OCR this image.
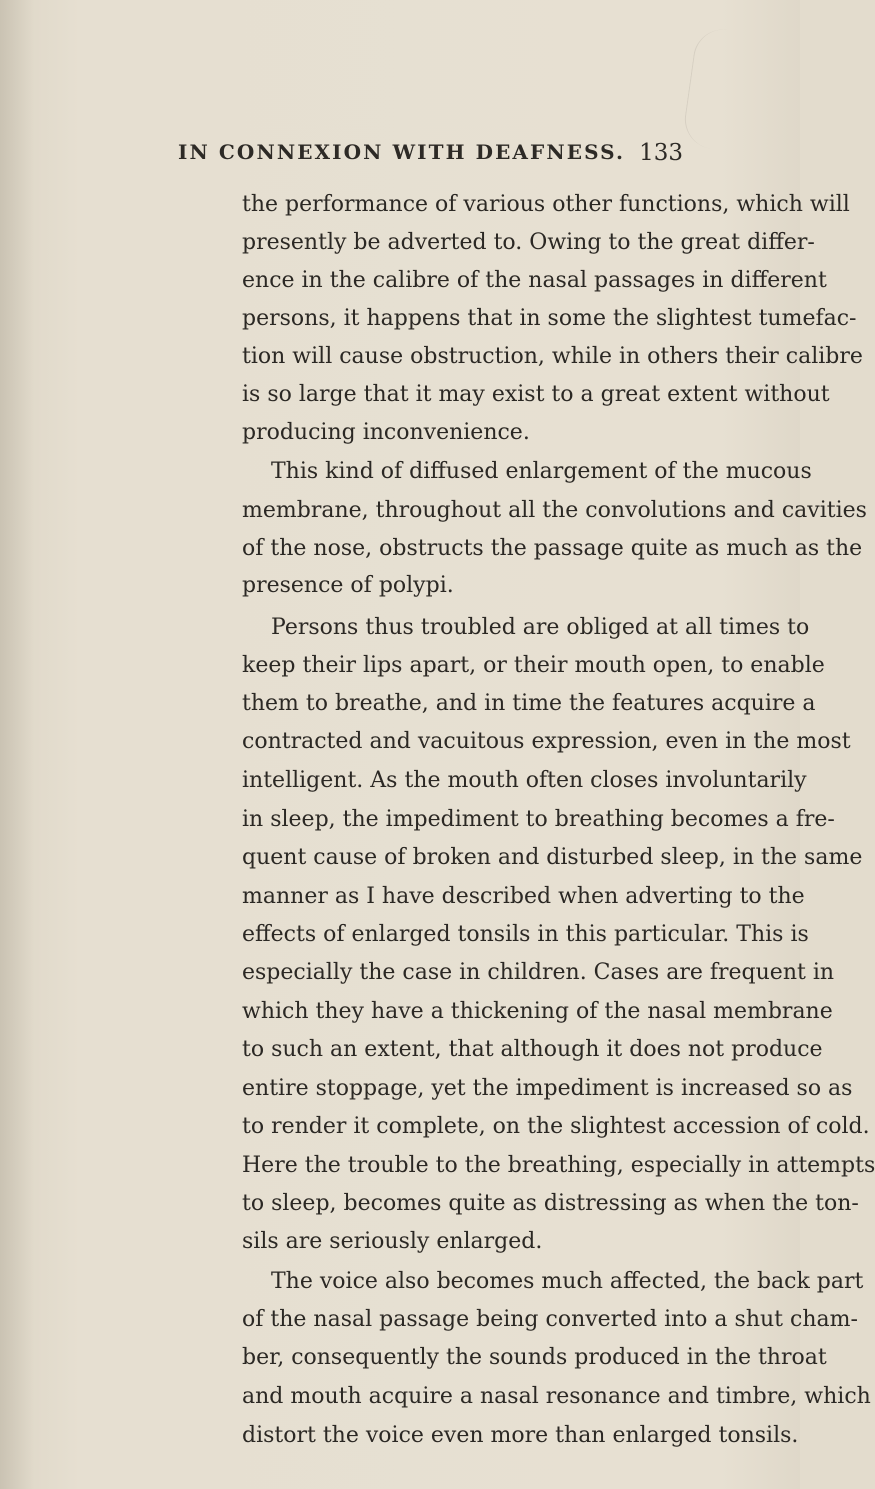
IN CONNEXION WITH DEAFNESS. 133
the performance of various other functions, which will
presently be adverted to. Owing to the great differ-
ence in the calibre of the nasal passages in different
persons, it happens that in some the slightest tumefac-
tion will cause obstruction, while in others their calibre
is so large that it may exist to a great extent without
producing inconvenience.
This kind of diffused enlargement of the mucous
membrane, throughout all the convolutions and cavities
of the nose, obstructs the passage quite as much as the
presence of polypi.
Persons thus troubled are obliged at all times to
keep their lips apart, or their mouth open, to enable
them to breathe, and in time the features acquire a
contracted and vacuitous expression, even in the most
intelligent. As the mouth often closes involuntarily
in sleep, the impediment to breathing becomes a fre-
quent cause of broken and disturbed sleep, in the same
manner as I have described when adverting to the
effects of enlarged tonsils in this particular. This is
especially the case in children. Cases are frequent in
which they have a thickening of the nasal membrane
to such an extent, that although it does not produce
entire stoppage, yet the impediment is increased so as
to render it complete, on the slightest accession of cold.
Here the trouble to the breathing, especially in attempts
to sleep, becomes quite as distressing as when the ton-
sils are seriously enlarged.
The voice also becomes much affected, the back part
of the nasal passage being converted into a shut cham-
ber, consequently the sounds produced in the throat
and mouth acquire a nasal resonance and timbre, which
distort the voice even more than enlarged tonsils.
